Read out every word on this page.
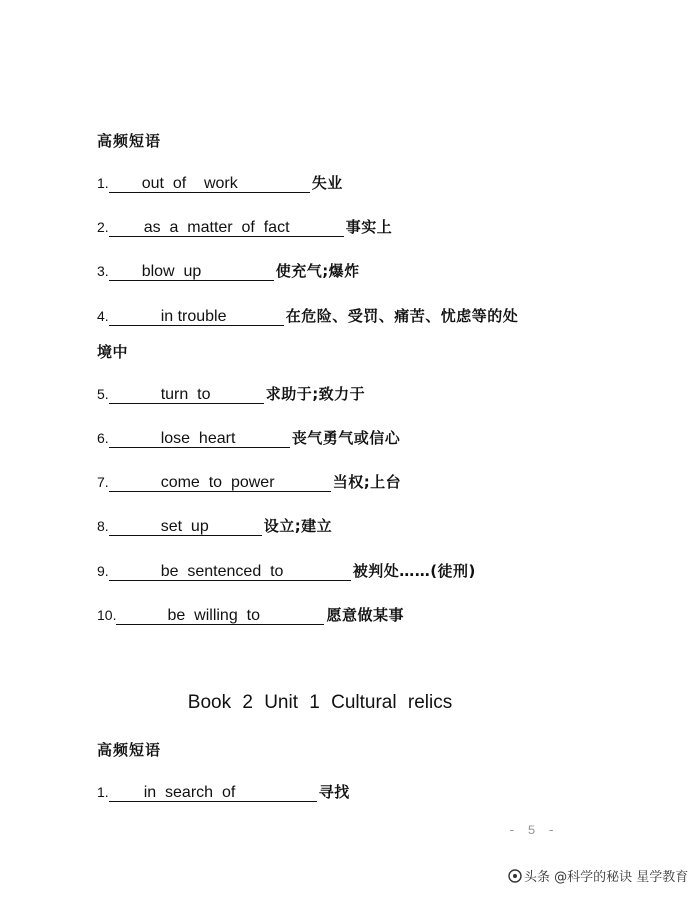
高频短语
1. out  of    work	失业
2. as  a  matter  of  fact	事实上
3. blow  up	使充气;爆炸
4.	in trouble	在危险、受罚、痛苦、忧虑等的处
境中
5.	turn  to	求助于;致力于
6.	lose  heart	丧气勇气或信心
7.	come  to  power	当权;上台
8.	set  up	设立;建立
9.	be  sentenced  to	被判处……(徒刑)
10.	be  willing  to	愿意做某事
Book 2 Unit 1 Cultural relics
高频短语
1. in  search  of	寻找
- 5 -
头条 @科学的秘诀 星学教育
